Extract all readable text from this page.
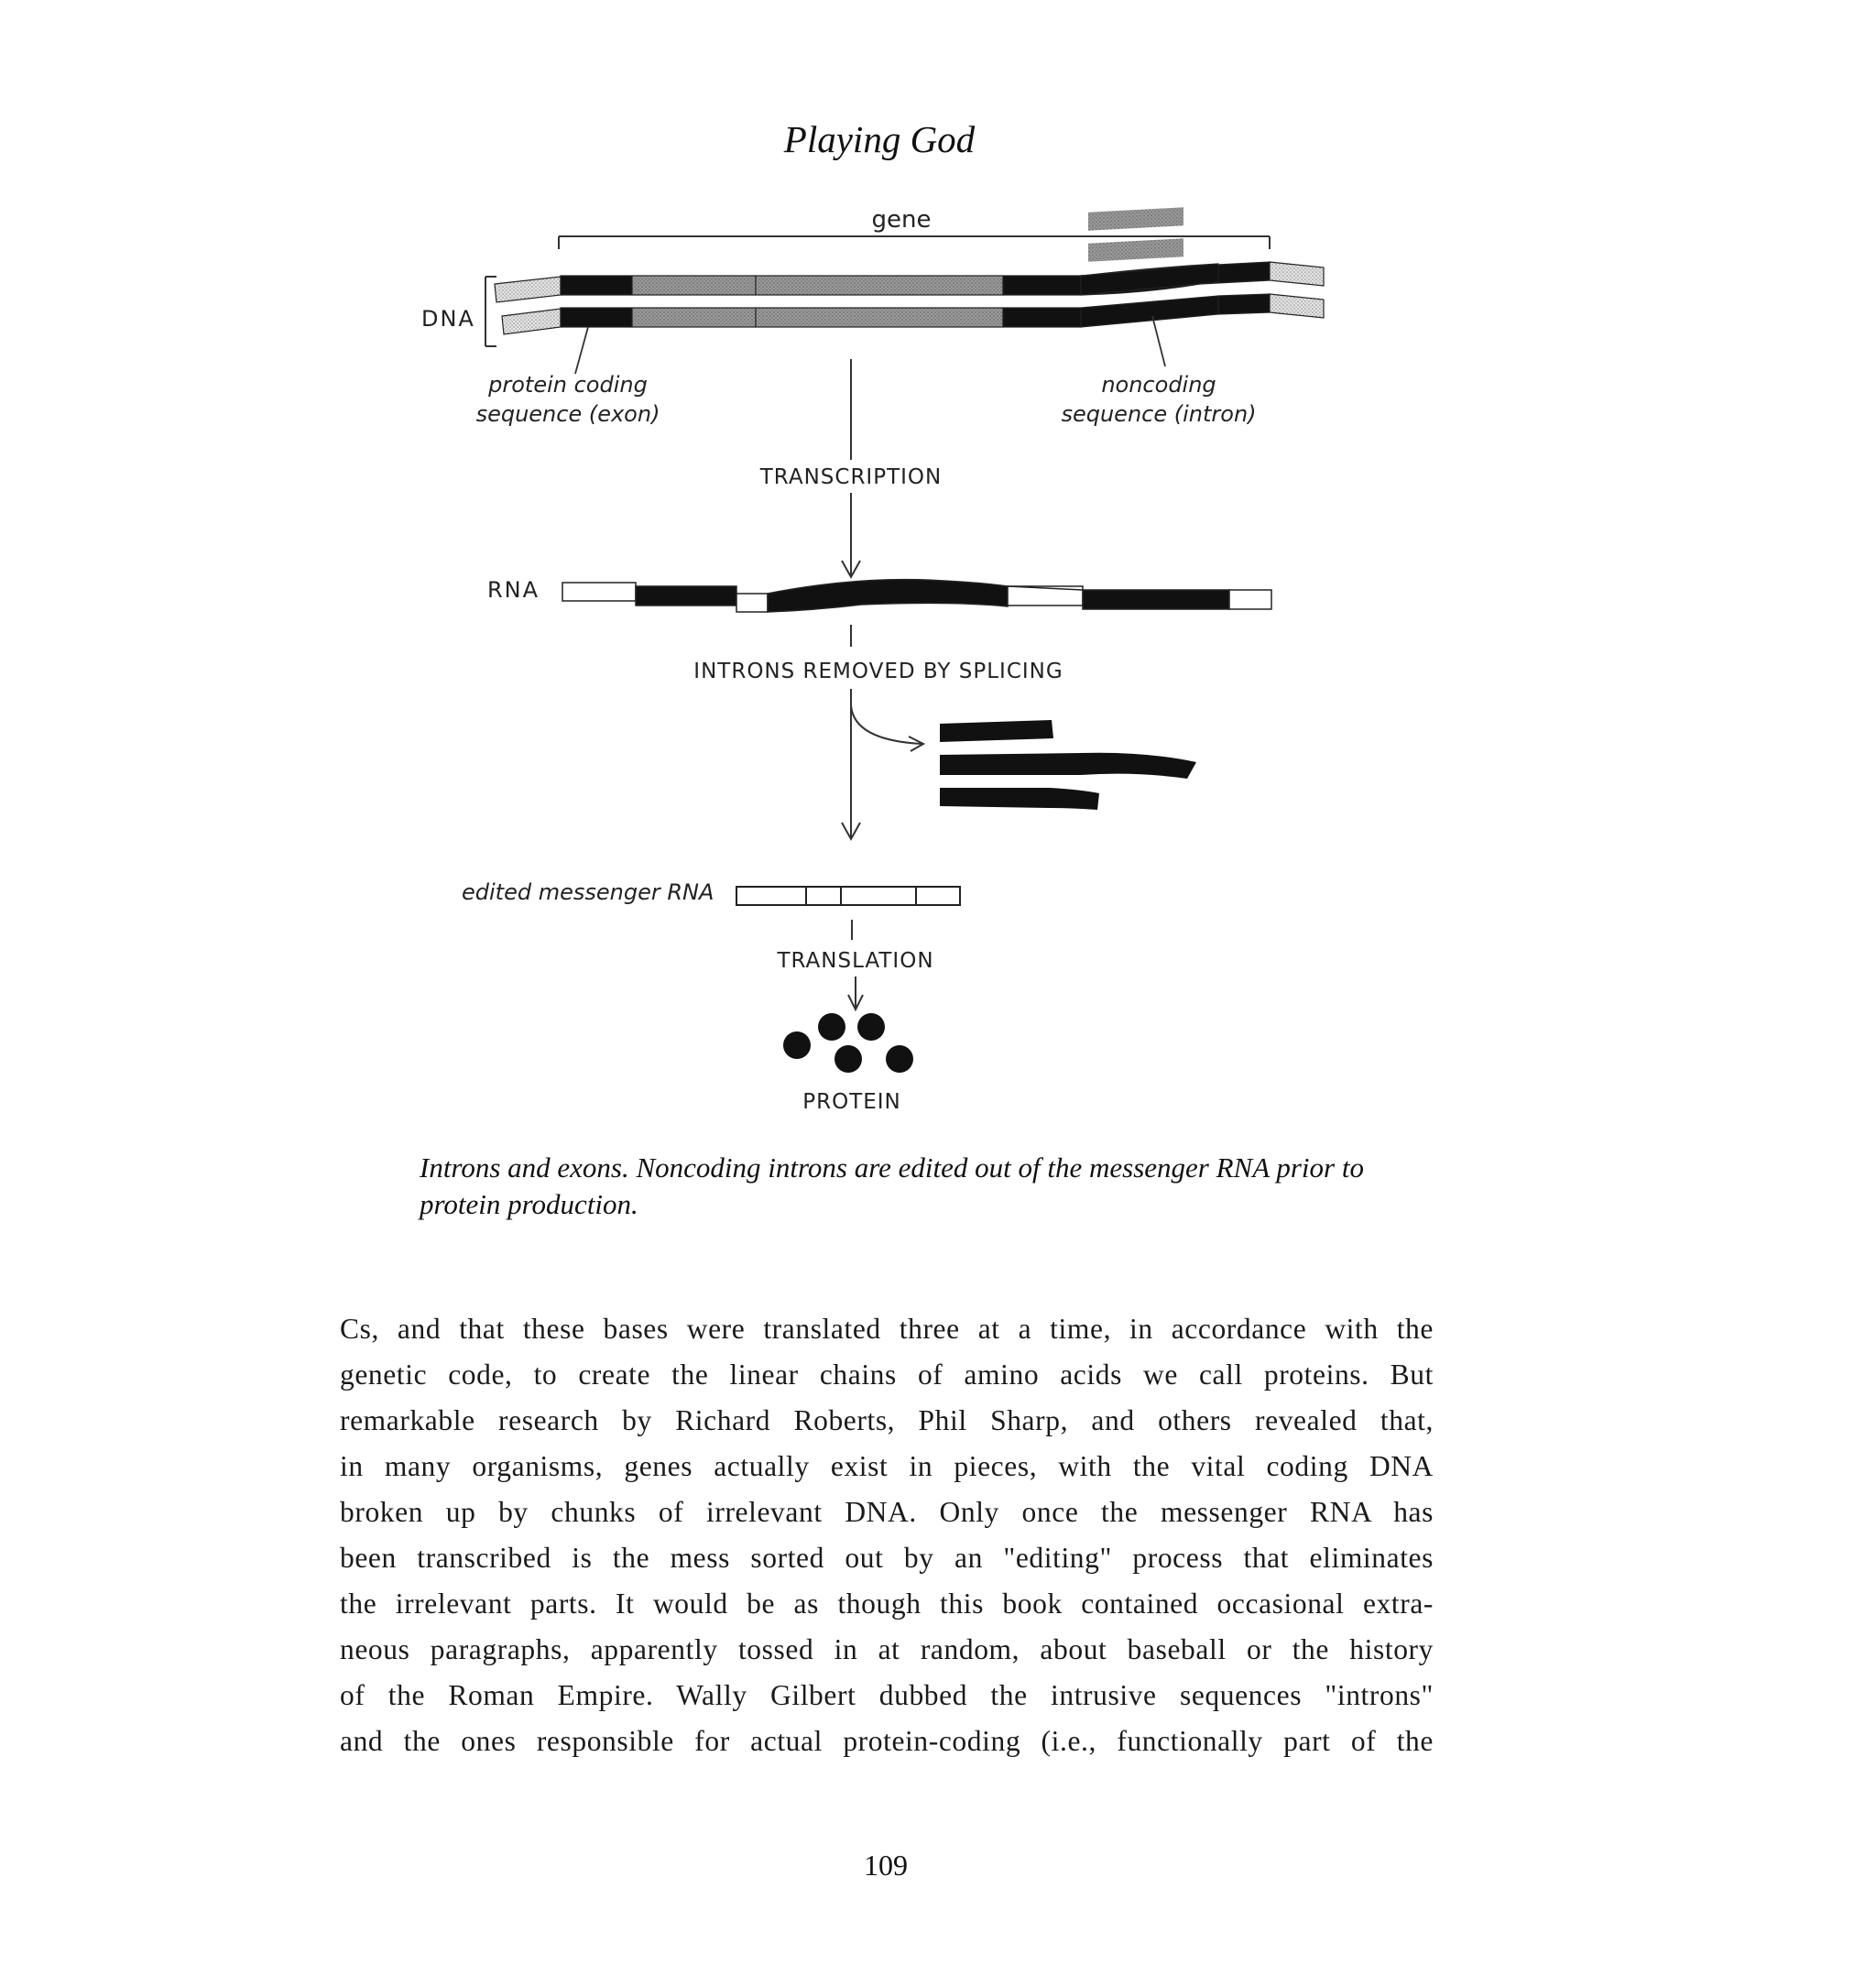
Playing God
gene
DNA
protein coding
sequence (exon)
noncoding
sequence (intron)
TRANSCRIPTION
RNA
INTRONS REMOVED BY SPLICING
edited messenger RNA
TRANSLATION
PROTEIN
Introns and exons. Noncoding introns are edited out of the messenger RNA prior to protein production.

Cs, and that these bases were translated three at a time, in accordance with the

genetic code, to create the linear chains of amino acids we call proteins. But

remarkable research by Richard Roberts, Phil Sharp, and others revealed that,

in many organisms, genes actually exist in pieces, with the vital coding DNA

broken up by chunks of irrelevant DNA. Only once the messenger RNA has

been transcribed is the mess sorted out by an "editing" process that eliminates

the irrelevant parts. It would be as though this book contained occasional extra-

neous paragraphs, apparently tossed in at random, about baseball or the history

of the Roman Empire. Wally Gilbert dubbed the intrusive sequences "introns"

and the ones responsible for actual protein-coding (i.e., functionally part of the

109
